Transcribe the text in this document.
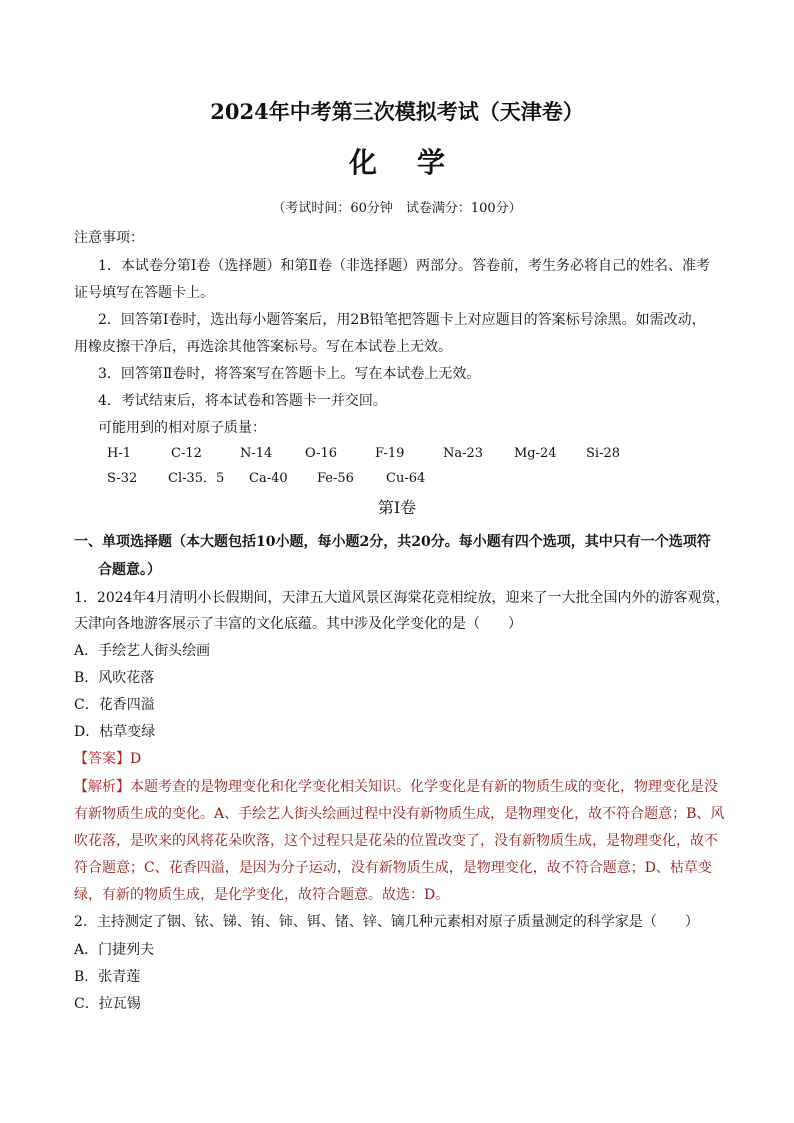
2024年中考第三次模拟考试（天津卷）
化学
（考试时间：60分钟　试卷满分：100分）
注意事项：
1．本试卷分第Ⅰ卷（选择题）和第Ⅱ卷（非选择题）两部分。答卷前，考生务必将自己的姓名、准考
证号填写在答题卡上。
2．回答第Ⅰ卷时，选出每小题答案后，用2B铅笔把答题卡上对应题目的答案标号涂黑。如需改动，
用橡皮擦干净后，再选涂其他答案标号。写在本试卷上无效。
3．回答第Ⅱ卷时，将答案写在答题卡上。写在本试卷上无效。
4．考试结束后，将本试卷和答题卡一并交回。
可能用到的相对原子质量：
H-1	C-12	N-14	O-16	F-19	Na-23 Mg-24 Si-28
S-32 Cl-35．5 Ca-40 Fe-56 Cu-64
第Ⅰ卷
一、单项选择题（本大题包括10小题，每小题2分，共20分。每小题有四个选项，其中只有一个选项符
合题意。）
1．2024年4月清明小长假期间，天津五大道风景区海棠花竞相绽放，迎来了一大批全国内外的游客观赏，
天津向各地游客展示了丰富的文化底蕴。其中涉及化学变化的是（　　）
A．手绘艺人街头绘画
B．风吹花落
C．花香四溢
D．枯草变绿
【答案】D
【解析】本题考查的是物理变化和化学变化相关知识。化学变化是有新的物质生成的变化，物理变化是没
有新物质生成的变化。A、手绘艺人街头绘画过程中没有新物质生成，是物理变化，故不符合题意；B、风
吹花落，是吹来的风将花朵吹落，这个过程只是花朵的位置改变了，没有新物质生成，是物理变化，故不
符合题意；C、花香四溢，是因为分子运动，没有新物质生成，是物理变化，故不符合题意；D、枯草变
绿，有新的物质生成，是化学变化，故符合题意。故选：D。
2．主持测定了铟、铱、锑、铕、铈、铒、锗、锌、镝几种元素相对原子质量测定的科学家是（　　）
A．门捷列夫
B．张青莲
C．拉瓦锡
